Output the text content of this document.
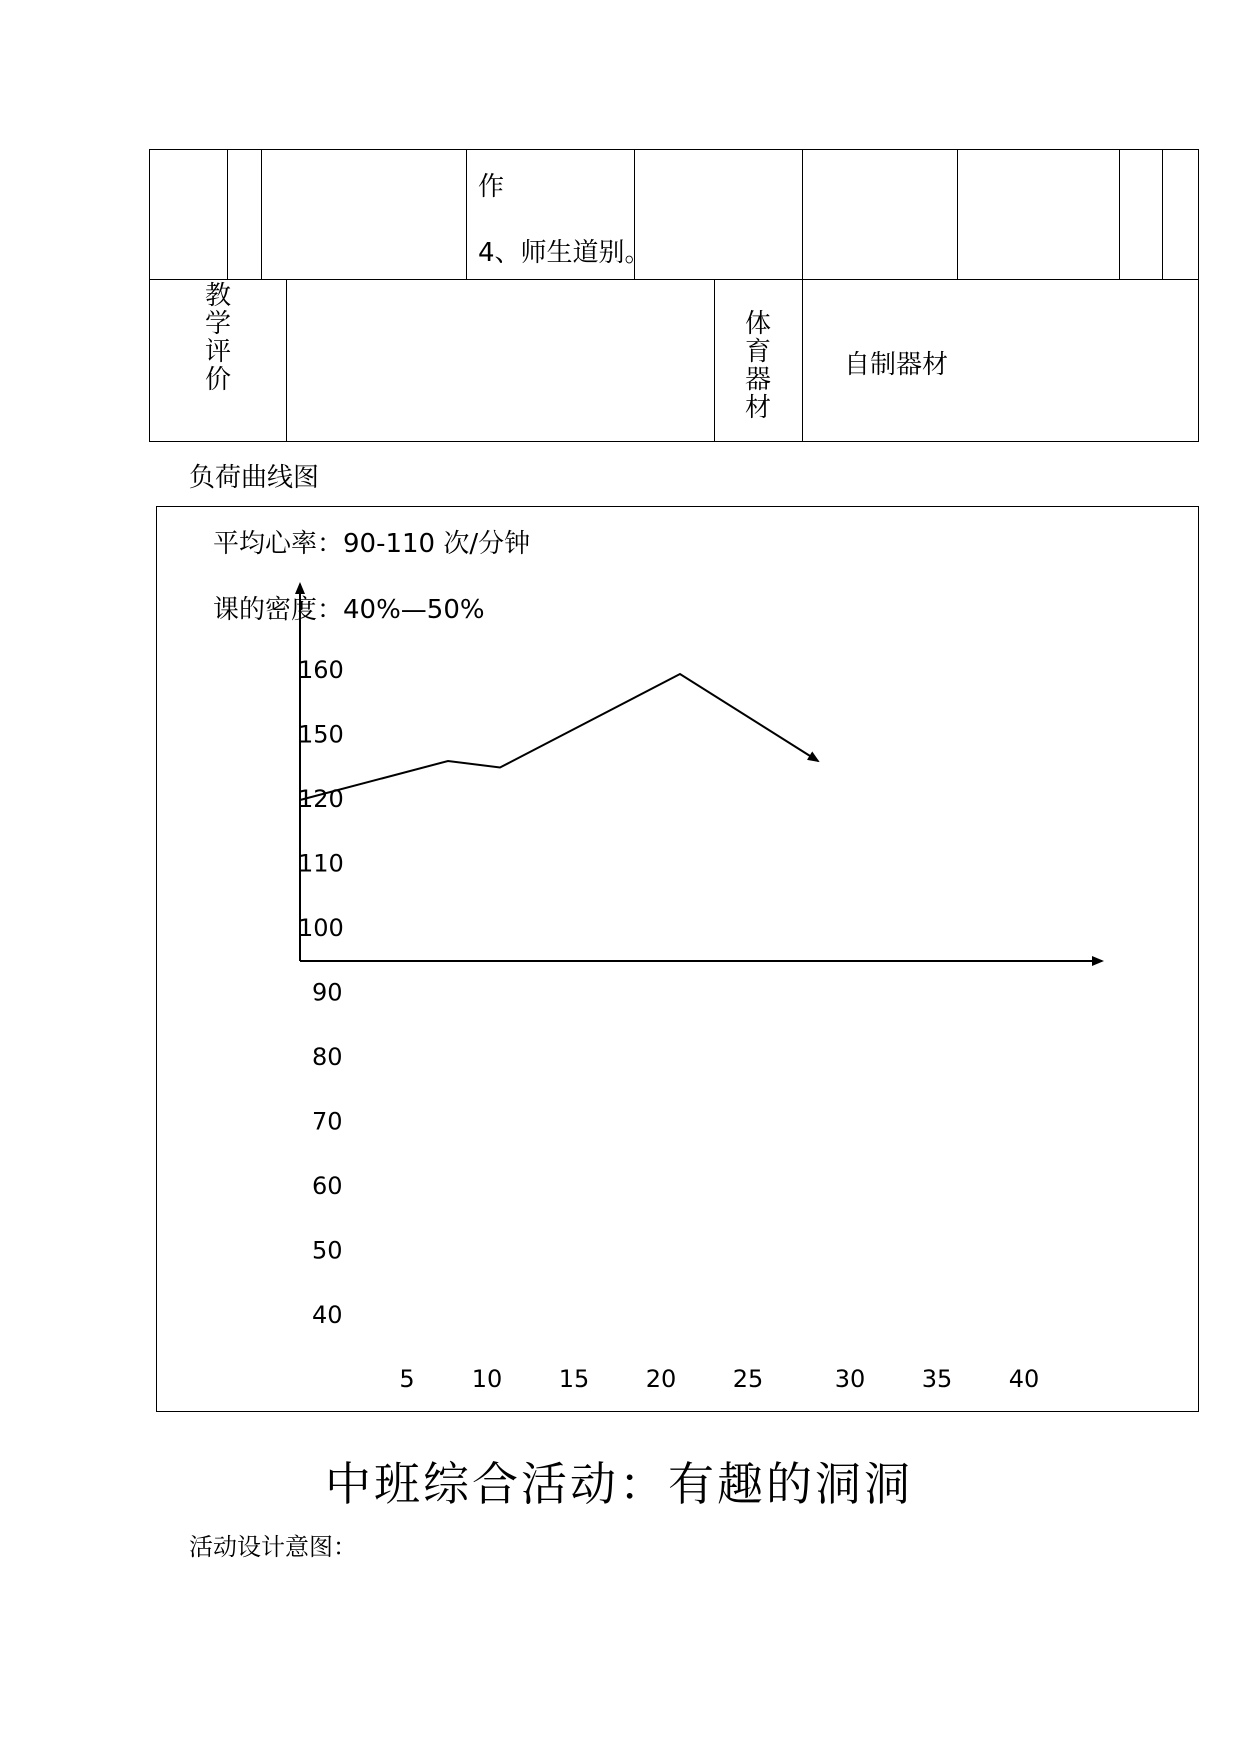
作
4、师生道别。
教
学
评
价
体
育
器
材
自制器材
负荷曲线图
平均心率：90-110 次/分钟
课的密度：40%—50%
160
150
120
110
100
90
80
70
60
50
40
5 10 15 20 25	30 35 40
中班综合活动：有趣的洞洞
活动设计意图：
